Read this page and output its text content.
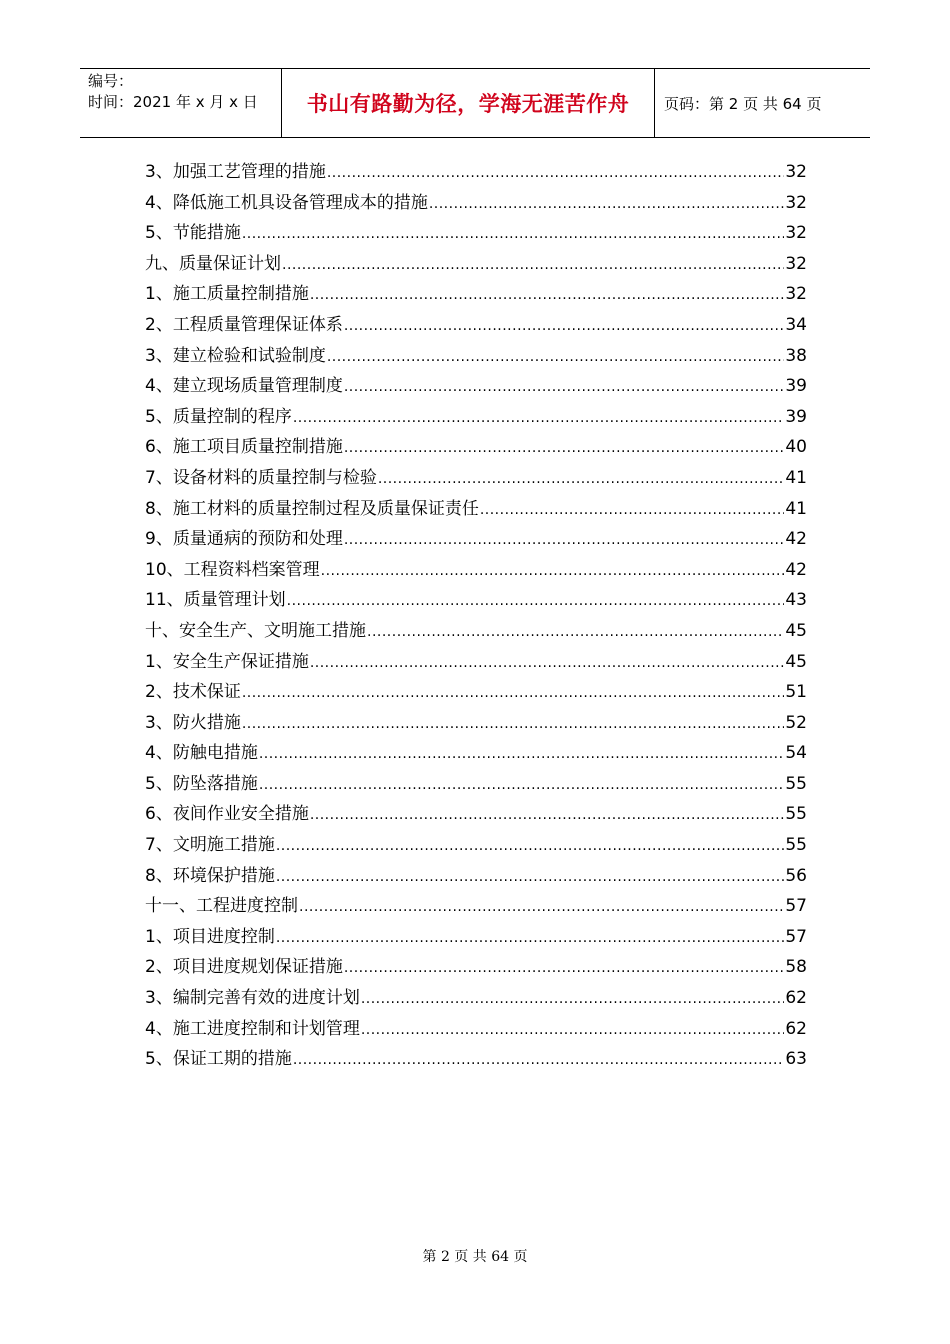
编号：
时间：2021 年 x 月 x 日	书山有路勤为径，学海无涯苦作舟 页码：第 2 页 共 64 页
3、加强工艺管理的措施 .....	32
4、降低施工机具设备管理成本的措施 .....	32
5、节能措施 .....	32
九、质量保证计划 .....	32
1、施工质量控制措施 .....	32
2、工程质量管理保证体系 .....	34
3、建立检验和试验制度 .....	38
4、建立现场质量管理制度 .....	39
5、质量控制的程序 .....	39
6、施工项目质量控制措施 .....	40
7、设备材料的质量控制与检验 .....	41
8、施工材料的质量控制过程及质量保证责任 .....	41
9、质量通病的预防和处理 .....	42
10、工程资料档案管理 .....	42
11、质量管理计划 .....	43
十、安全生产、文明施工措施 .....	45
1、安全生产保证措施 .....	45
2、技术保证 .....	51
3、防火措施 .....	52
4、防触电措施 .....	54
5、防坠落措施 .....	55
6、夜间作业安全措施 .....	55
7、文明施工措施 .....	55
8、环境保护措施 .....	56
十一、工程进度控制 .....	57
1、项目进度控制 .....	57
2、项目进度规划保证措施 .....	58
3、编制完善有效的进度计划 .....	62
4、施工进度控制和计划管理 .....	62
5、保证工期的措施 .....	63
第 2 页 共 64 页
